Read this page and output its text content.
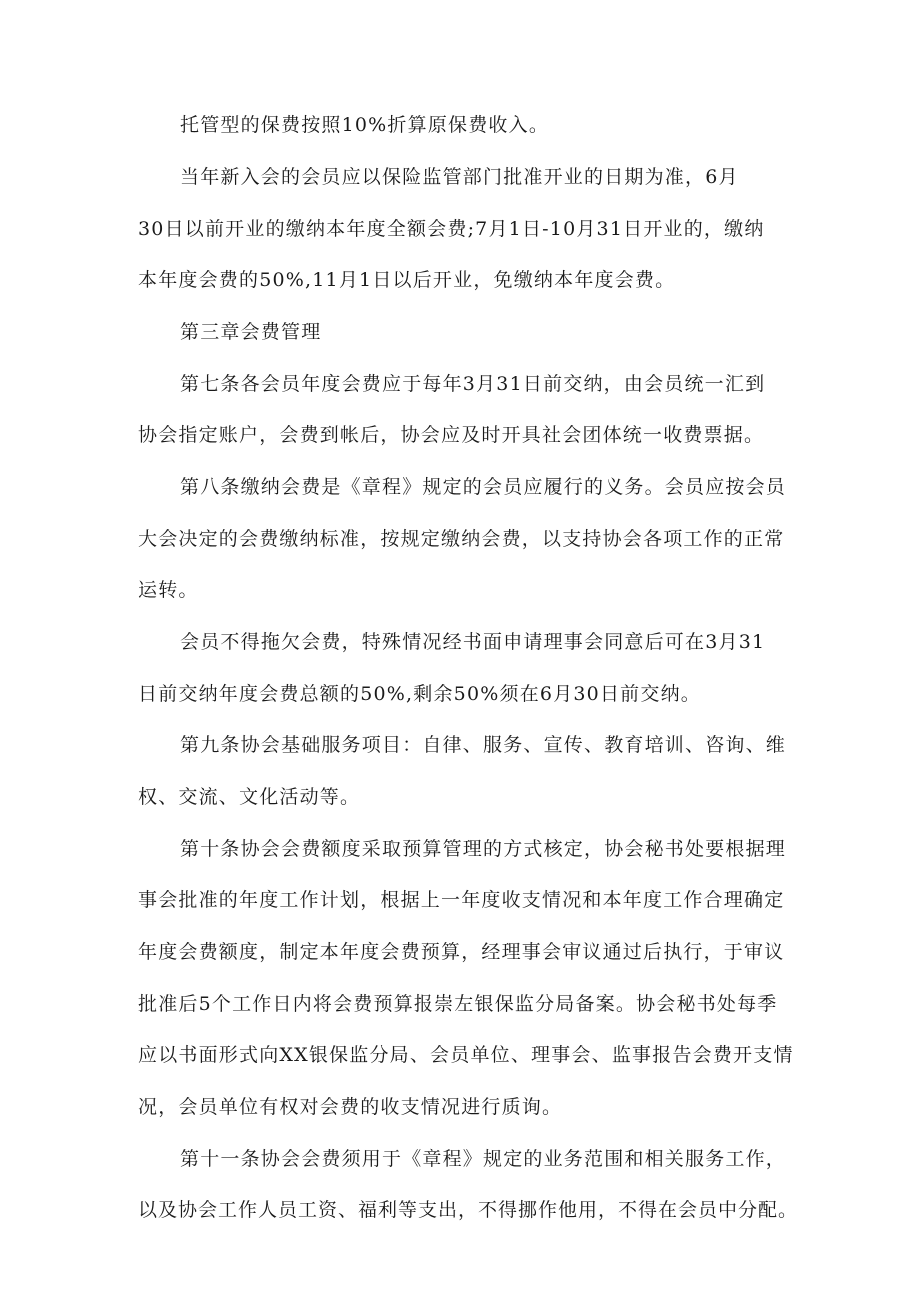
托管型的保费按照10%折算原保费收入。
当年新入会的会员应以保险监管部门批准开业的日期为准，6月
30日以前开业的缴纳本年度全额会费;7月1日-10月31日开业的，缴纳
本年度会费的50%,11月1日以后开业，免缴纳本年度会费。
第三章会费管理
第七条各会员年度会费应于每年3月31日前交纳，由会员统一汇到
协会指定账户，会费到帐后，协会应及时开具社会团体统一收费票据。
第八条缴纳会费是《章程》规定的会员应履行的义务。会员应按会员
大会决定的会费缴纳标准，按规定缴纳会费，以支持协会各项工作的正常
运转。
会员不得拖欠会费，特殊情况经书面申请理事会同意后可在3月31
日前交纳年度会费总额的50%,剩余50%须在6月30日前交纳。
第九条协会基础服务项目：自律、服务、宣传、教育培训、咨询、维
权、交流、文化活动等。
第十条协会会费额度采取预算管理的方式核定，协会秘书处要根据理
事会批准的年度工作计划，根据上一年度收支情况和本年度工作合理确定
年度会费额度，制定本年度会费预算，经理事会审议通过后执行，于审议
批准后5个工作日内将会费预算报崇左银保监分局备案。协会秘书处每季
应以书面形式向XX银保监分局、会员单位、理事会、监事报告会费开支情
况，会员单位有权对会费的收支情况进行质询。
第十一条协会会费须用于《章程》规定的业务范围和相关服务工作，
以及协会工作人员工资、福利等支出，不得挪作他用，不得在会员中分配。
